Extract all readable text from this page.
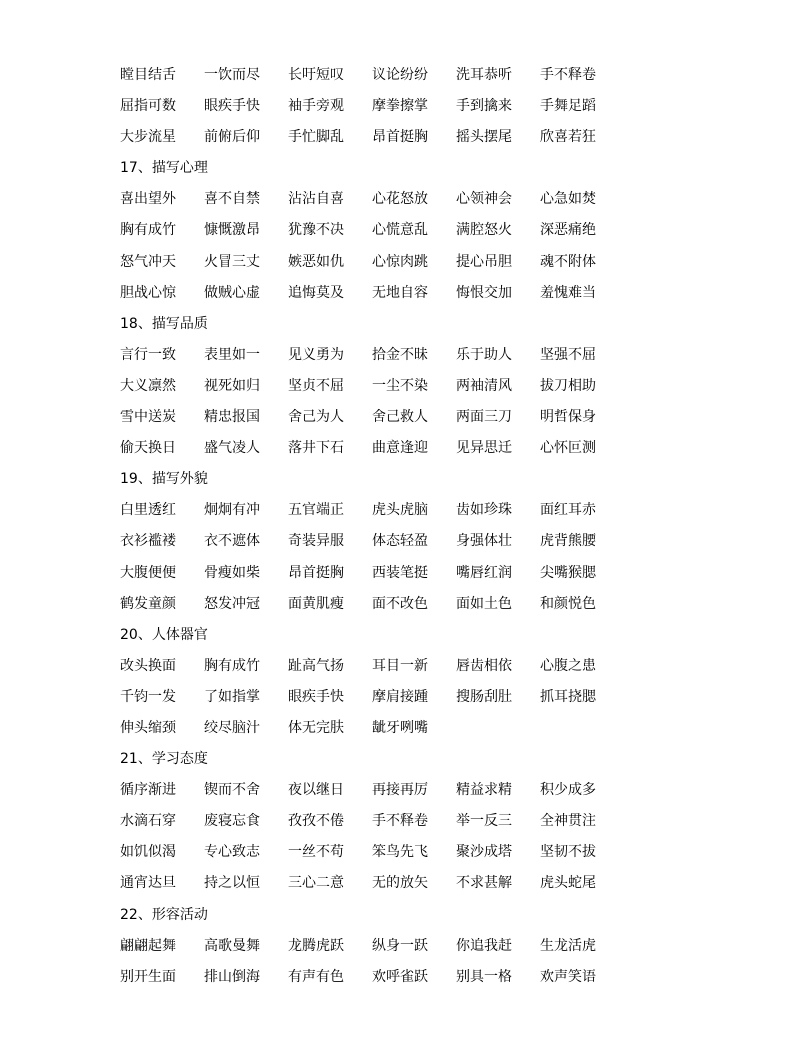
瞠目结舌 一饮而尽 长吁短叹 议论纷纷 洗耳恭听 手不释卷
屈指可数 眼疾手快 袖手旁观 摩拳擦掌 手到擒来 手舞足蹈
大步流星 前俯后仰 手忙脚乱 昂首挺胸 摇头摆尾 欣喜若狂
17、描写心理
喜出望外 喜不自禁 沾沾自喜 心花怒放 心领神会 心急如焚
胸有成竹 慷慨激昂 犹豫不决 心慌意乱 满腔怒火 深恶痛绝
怒气冲天 火冒三丈 嫉恶如仇 心惊肉跳 提心吊胆 魂不附体
胆战心惊 做贼心虚 追悔莫及 无地自容 悔恨交加 羞愧难当
18、描写品质
言行一致 表里如一 见义勇为 拾金不昧 乐于助人 坚强不屈
大义凛然 视死如归 坚贞不屈 一尘不染 两袖清风 拔刀相助
雪中送炭 精忠报国 舍己为人 舍己救人 两面三刀 明哲保身
偷天换日 盛气凌人 落井下石 曲意逢迎 见异思迁 心怀叵测
19、描写外貌
白里透红 炯炯有冲 五官端正 虎头虎脑 齿如珍珠 面红耳赤
衣衫褴褛 衣不遮体 奇装异服 体态轻盈 身强体壮 虎背熊腰
大腹便便 骨瘦如柴 昂首挺胸 西装笔挺 嘴唇红润 尖嘴猴腮
鹤发童颜 怒发冲冠 面黄肌瘦 面不改色 面如土色 和颜悦色
20、人体器官
改头换面 胸有成竹 趾高气扬 耳目一新 唇齿相依 心腹之患
千钧一发 了如指掌 眼疾手快 摩肩接踵 搜肠刮肚 抓耳挠腮
伸头缩颈 绞尽脑汁 体无完肤 龇牙咧嘴
21、学习态度
循序渐进 锲而不舍 夜以继日 再接再厉 精益求精 积少成多
水滴石穿 废寝忘食 孜孜不倦 手不释卷 举一反三 全神贯注
如饥似渴 专心致志 一丝不苟 笨鸟先飞 聚沙成塔 坚韧不拔
通宵达旦 持之以恒 三心二意 无的放矢 不求甚解 虎头蛇尾
22、形容活动
翩翩起舞 高歌曼舞 龙腾虎跃 纵身一跃 你追我赶 生龙活虎
别开生面 排山倒海 有声有色 欢呼雀跃 别具一格 欢声笑语
